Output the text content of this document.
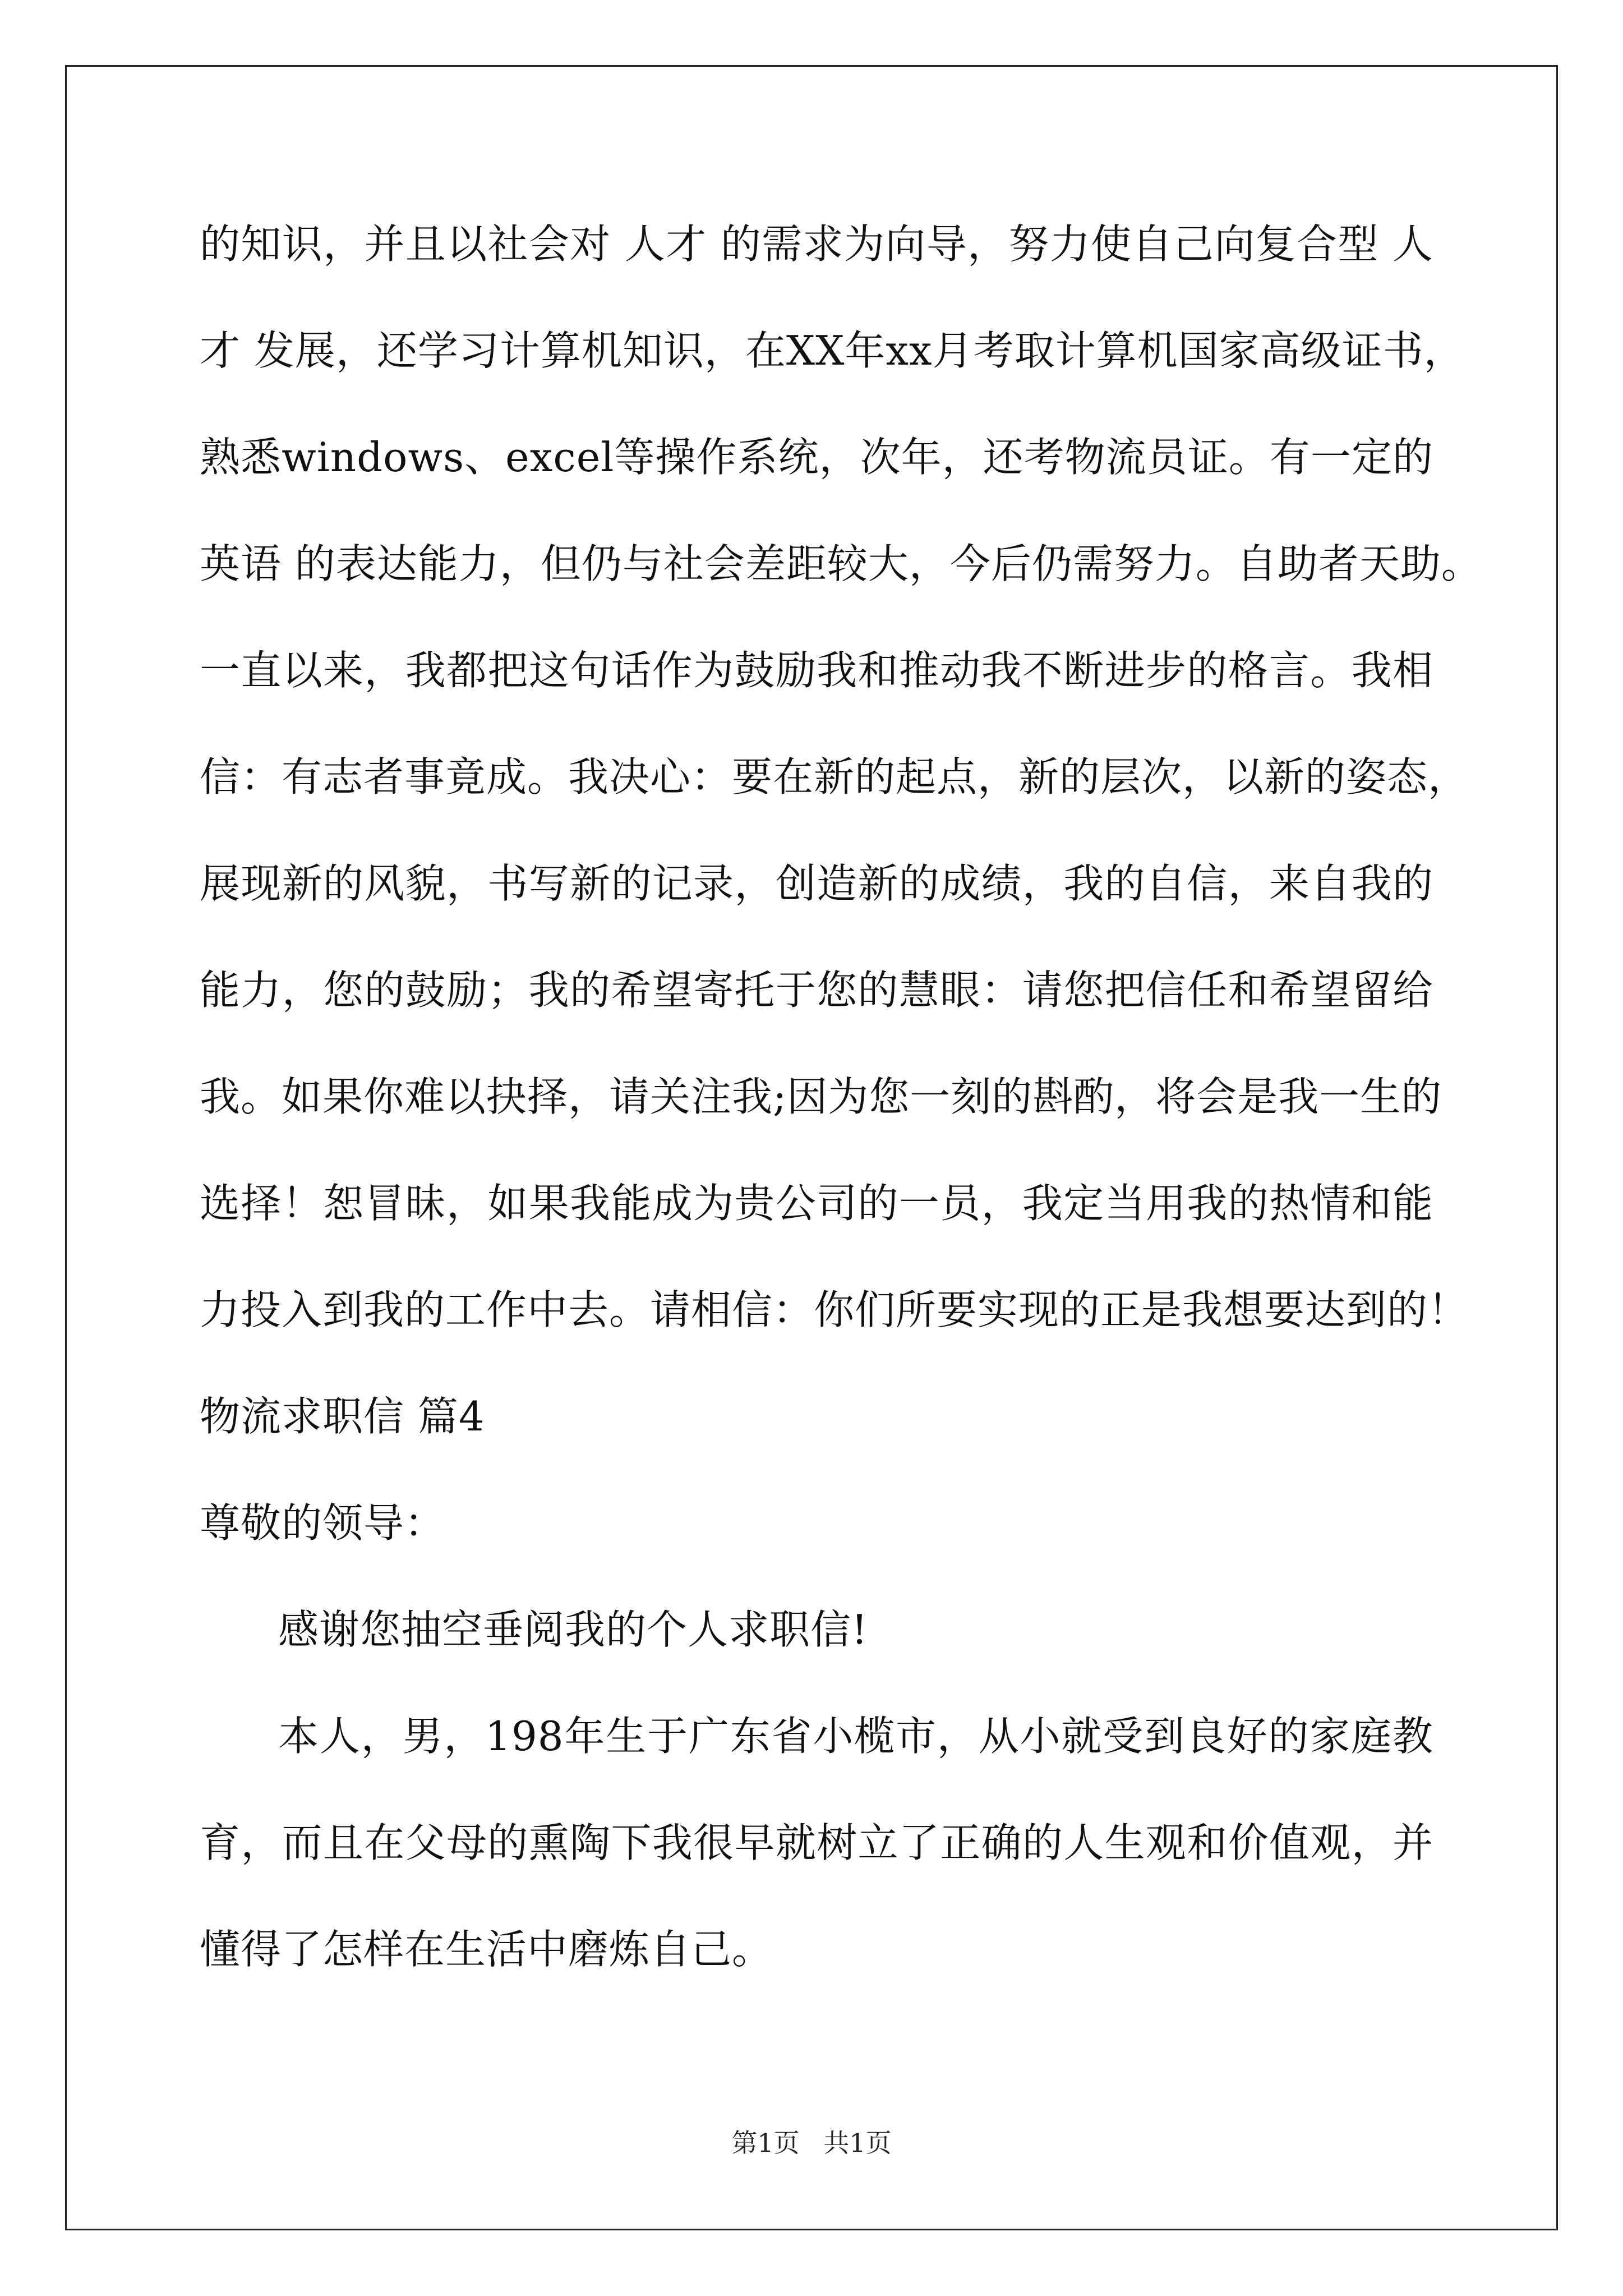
的知识，并且以社会对 人才 的需求为向导，努力使自己向复合型 人
才 发展，还学习计算机知识，在XX年xx月考取计算机国家高级证书，
熟悉windows、excel等操作系统，次年，还考物流员证。有一定的
英语 的表达能力，但仍与社会差距较大，今后仍需努力。自助者天助。
一直以来，我都把这句话作为鼓励我和推动我不断进步的格言。我相
信：有志者事竟成。我决心：要在新的起点，新的层次，以新的姿态，
展现新的风貌，书写新的记录，创造新的成绩，我的自信，来自我的
能力，您的鼓励；我的希望寄托于您的慧眼：请您把信任和希望留给
我。如果你难以抉择，请关注我;因为您一刻的斟酌，将会是我一生的
选择！恕冒昧，如果我能成为贵公司的一员，我定当用我的热情和能
力投入到我的工作中去。请相信：你们所要实现的正是我想要达到的！
物流求职信 篇4
尊敬的领导：
感谢您抽空垂阅我的个人求职信!
本人，男，198年生于广东省小榄市，从小就受到良好的家庭教
育，而且在父母的熏陶下我很早就树立了正确的人生观和价值观，并
懂得了怎样在生活中磨炼自己。
第1页 共1页
